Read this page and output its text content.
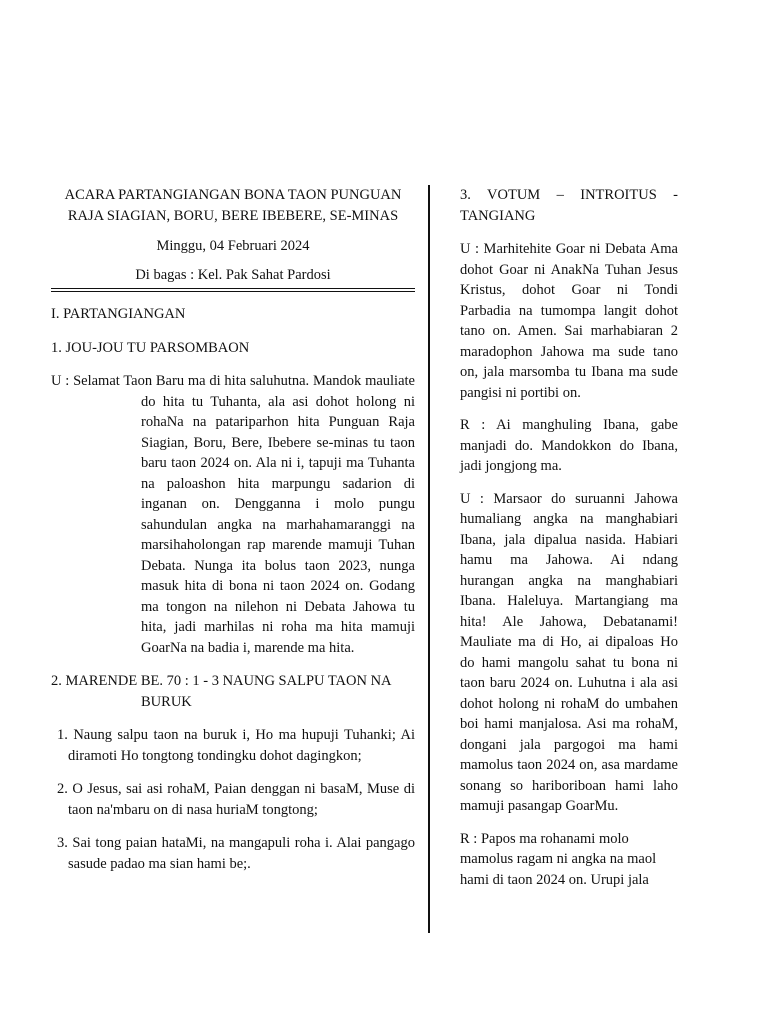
ACARA PARTANGIANGAN BONA TAON PUNGUAN RAJA SIAGIAN, BORU, BERE IBEBERE, SE-MINAS
Minggu, 04 Februari 2024
Di bagas : Kel. Pak Sahat Pardosi
I. PARTANGIANGAN
1. JOU-JOU TU PARSOMBAON
U : Selamat Taon Baru ma di hita saluhutna. Mandok mauliate do hita tu Tuhanta, ala asi dohot holong ni rohaNa na patariparhon hita Punguan Raja Siagian, Boru, Bere, Ibebere se-minas tu taon baru taon 2024 on. Ala ni i, tapuji ma Tuhanta na paloashon hita marpungu sadarion di inganan on. Dengganna i molo pungu sahundulan angka na marhahamaranggi na marsihaholongan rap marende mamuji Tuhan Debata. Nunga ita bolus taon 2023, nunga masuk hita di bona ni taon 2024 on. Godang ma tongon na nilehon ni Debata Jahowa tu hita, jadi marhilas ni roha ma hita mamuji GoarNa na badia i, marende ma hita.
2. MARENDE BE. 70 : 1 - 3 NAUNG SALPU TAON NA BURUK
1. Naung salpu taon na buruk i, Ho ma hupuji Tuhanki; Ai diramoti Ho tongtong tondingku dohot dagingkon;
2. O Jesus, sai asi rohaM, Paian denggan ni basaM, Muse di taon na'mbaru on di nasa huriaM tongtong;
3. Sai tong paian hataMi, na mangapuli roha i. Alai pangago sasude padao ma sian hami be;.
3. VOTUM – INTROITUS - TANGIANG
U : Marhitehite Goar ni Debata Ama dohot Goar ni AnakNa Tuhan Jesus Kristus, dohot Goar ni Tondi Parbadia na tumompa langit dohot tano on. Amen. Sai marhabiaran 2 maradophon Jahowa ma sude tano on, jala marsomba tu Ibana ma sude pangisi ni portibi on.
R : Ai manghuling Ibana, gabe manjadi do. Mandokkon do Ibana, jadi jongjong ma.
U : Marsaor do suruanni Jahowa humaliang angka na manghabiari Ibana, jala dipalua nasida. Habiari hamu ma Jahowa. Ai ndang hurangan angka na manghabiari Ibana. Haleluya. Martangiang ma hita! Ale Jahowa, Debatanami! Mauliate ma di Ho, ai dipaloas Ho do hami mangolu sahat tu bona ni taon baru 2024 on. Luhutna i ala asi dohot holong ni rohaM do umbahen boi hami manjalosa. Asi ma rohaM, dongani jala pargogoi ma hami mamolus taon 2024 on, asa mardame sonang so hariboriboan hami laho mamuji pasangap GoarMu.
R : Papos ma rohanami molo mamolus ragam ni angka na maol hami di taon 2024 on. Urupi jala
